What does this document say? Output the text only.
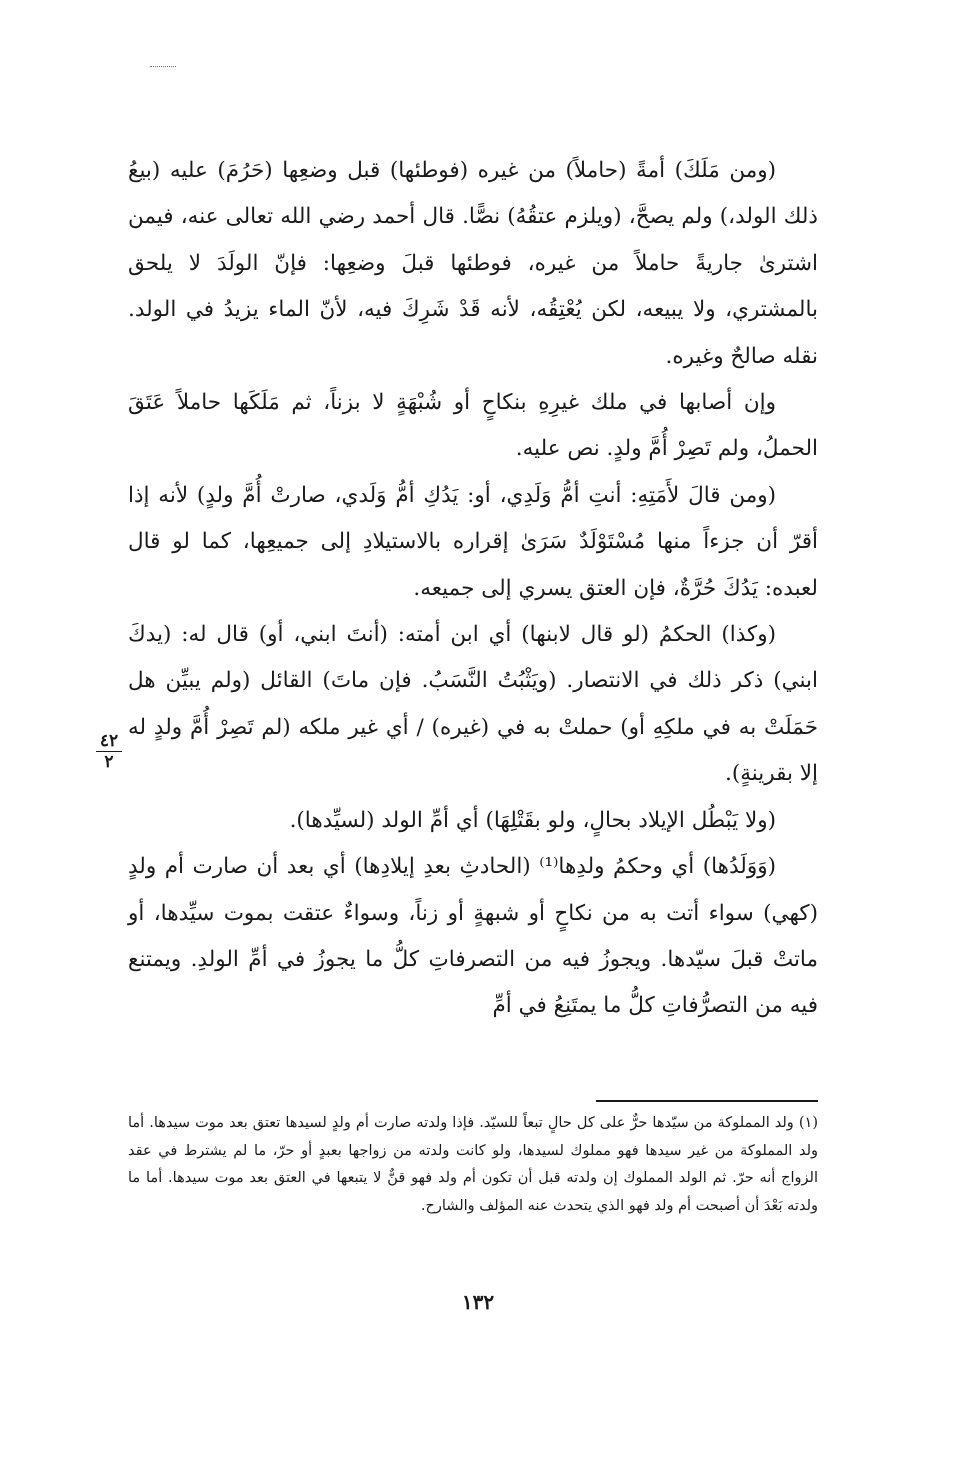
(ومن مَلَكَ) أمةً (حاملاً) من غيره (فوطئها) قبل وضعِها (حَرُمَ) عليه (بيعُ ذلك الولد،) ولم يصحَّ، (ويلزم عتقُهُ) نصًّا. قال أحمد رضي الله تعالى عنه، فيمن اشترىٰ جاريةً حاملاً من غيره، فوطئها قبلَ وضعِها: فإنّ الولَدَ لا يلحق بالمشتري، ولا يبيعه، لكن يُعْتِقُه، لأنه قَدْ شَرِكَ فيه، لأنّ الماء يزيدُ في الولد. نقله صالحٌ وغيره.

وإن أصابها في ملك غيرِهِ بنكاحٍ أو شُبْهَةٍ لا بزناً، ثم مَلَكَها حاملاً عَتَقَ الحملُ، ولم تَصِرْ أُمَّ ولدٍ. نص عليه.

(ومن قالَ لأَمَتِهِ: أنتِ أمُّ وَلَدِي، أو: يَدُكِ أمُّ وَلَدي، صارتْ أُمَّ ولدٍ) لأنه إذا أقرّ أن جزءاً منها مُسْتَوْلَدٌ سَرَىٰ إقراره بالاستيلادِ إلى جميعِها، كما لو قال لعبده: يَدُكَ حُرَّةٌ، فإن العتق يسري إلى جميعه.

(وكذا) الحكمُ (لو قال لابنها) أي ابن أمته: (أنتَ ابني، أو) قال له: (يدكَ ابني) ذكر ذلك في الانتصار. (ويَثْبُتُ النَّسَبُ. فإن ماتَ) القائل (ولم يبيِّن هل حَمَلَتْ به في ملكِهِ أو) حملتْ به في (غيره) / أي غير ملكه (لم تَصِرْ أُمَّ ولدٍ له إلا بقرينةٍ).

(ولا يَبْطُل الإيلاد بحالٍ، ولو بقَتْلِهَا) أي أمِّ الولد (لسيِّدها).

(وَوَلَدُها) أي وحكمُ ولدِها⁽¹⁾ (الحادثِ بعدِ إيلادِها) أي بعد أن صارت أم ولدٍ (كهي) سواء أتت به من نكاحٍ أو شبهةٍ أو زناً، وسواءٌ عتقت بموت سيِّدها، أو ماتتْ قبلَ سيّدها. ويجوزُ فيه من التصرفاتِ كلُّ ما يجوزُ في أمِّ الولدِ. ويمتنع فيه من التصرُّفاتِ كلُّ ما يمتَنِعُ في أمِّ

٤٢
٢

(١) ولد المملوكة من سيّدها حرٌّ على كل حالٍ تبعاً للسيّد. فإذا ولدته صارت أم ولدٍ لسيدها تعتق بعد موت سيدها. أما ولد المملوكة من غير سيدها فهو مملوك لسيدها، ولو كانت ولدته من زواجها بعبدٍ أو حرّ، ما لم يشترط في عقد الزواج أنه حرّ. ثم الولد المملوك إن ولدته قبل أن تكون أم ولد فهو قنٌّ لا يتبعها في العتق بعد موت سيدها. أما ما ولدته بَعْدَ أن أصبحت أم ولد فهو الذي يتحدث عنه المؤلف والشارح.

١٣٢
